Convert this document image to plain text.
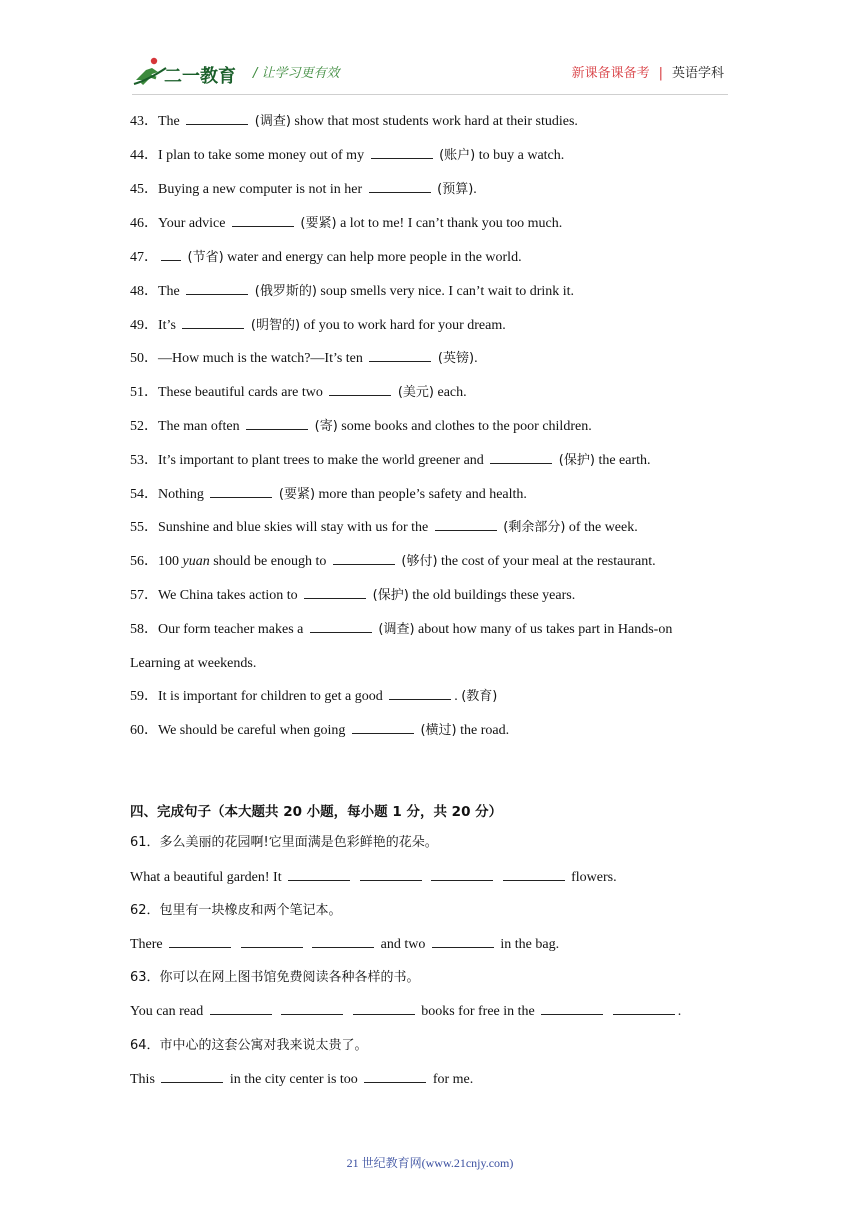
二一教育 / 让学习更有效	新课备课备考 | 英语学科
43．The	(调查) show that most students work hard at their studies.
44．I plan to take some money out of my	(账户) to buy a watch.
45．Buying a new computer is not in her	(预算).
46．Your advice	(要紧) a lot to me! I can’t thank you too much.
47． (节省) water and energy can help more people in the world.
48．The	(俄罗斯的) soup smells very nice. I can’t wait to drink it.
49．It’s	(明智的) of you to work hard for your dream.
50．—How much is the watch?—It’s ten	(英镑).
51．These beautiful cards are two	(美元) each.
52．The man often	(寄) some books and clothes to the poor children.
53．It’s important to plant trees to make the world greener and	(保护) the earth.
54．Nothing	(要紧) more than people’s safety and health.
55．Sunshine and blue skies will stay with us for the	(剩余部分) of the week.
56．100 yuan should be enough to	(够付) the cost of your meal at the restaurant.
57．We China takes action to	(保护) the old buildings these years.
58．Our form teacher makes a	(调查) about how many of us takes part in Hands-on
Learning at weekends.
59．It is important for children to get a good	. (教育)
60．We should be careful when going	(横过) the road.
四、完成句子（本大题共 20 小题，每小题 1 分，共 20 分）
61．多么美丽的花园啊!它里面满是色彩鲜艳的花朵。
What a beautiful garden! It	flowers.
62．包里有一块橡皮和两个笔记本。
There	and two	in the bag.
63．你可以在网上图书馆免费阅读各种各样的书。
You can read	books for free in the	.
64．市中心的这套公寓对我来说太贵了。
This	in the city center is too	for me.
21 世纪教育网(www.21cnjy.com)
